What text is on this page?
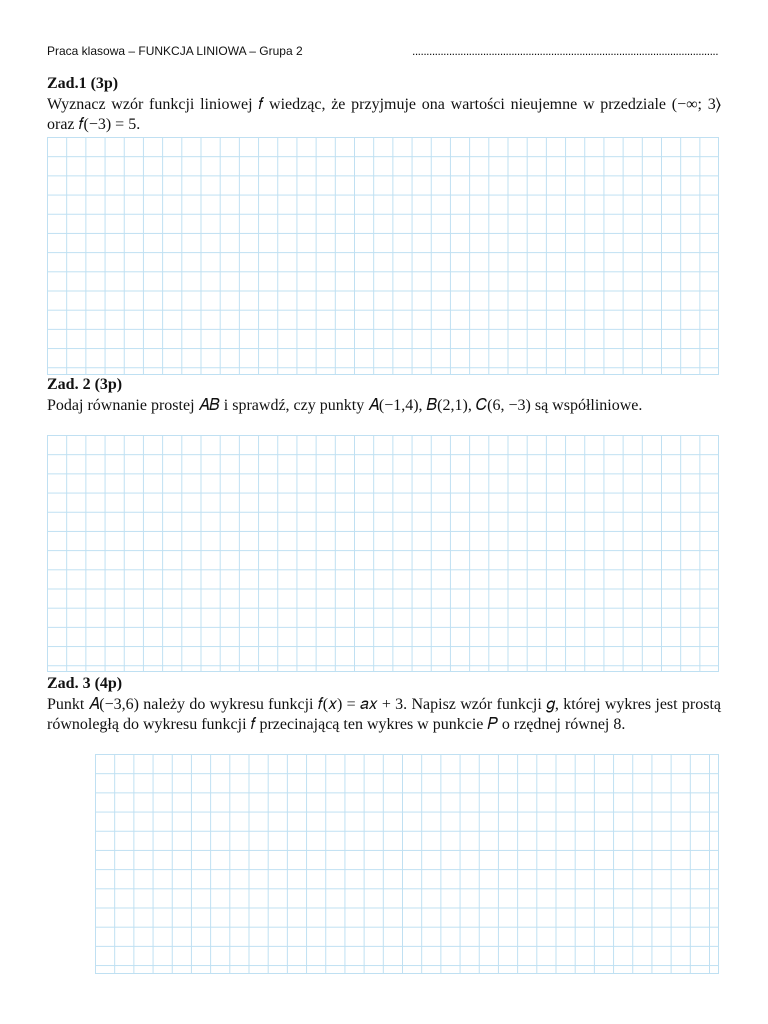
Praca klasowa – FUNKCJA LINIOWA – Grupa 2	............................................................................................................
Zad.1 (3p)
Wyznacz wzór funkcji liniowej 𝑓 wiedząc, że przyjmuje ona wartości nieujemne w przedziale (−∞; 3⟩ oraz 𝑓(−3) = 5.
Zad. 2 (3p)
Podaj równanie prostej 𝐴𝐵 i sprawdź, czy punkty 𝐴(−1,4), 𝐵(2,1), 𝐶(6, −3) są współliniowe.
Zad. 3 (4p)
Punkt 𝐴(−3,6) należy do wykresu funkcji 𝑓(𝑥) = 𝑎𝑥 + 3. Napisz wzór funkcji 𝑔, której wykres jest prostą równoległą do wykresu funkcji 𝑓 przecinającą ten wykres w punkcie 𝑃 o rzędnej równej 8.
